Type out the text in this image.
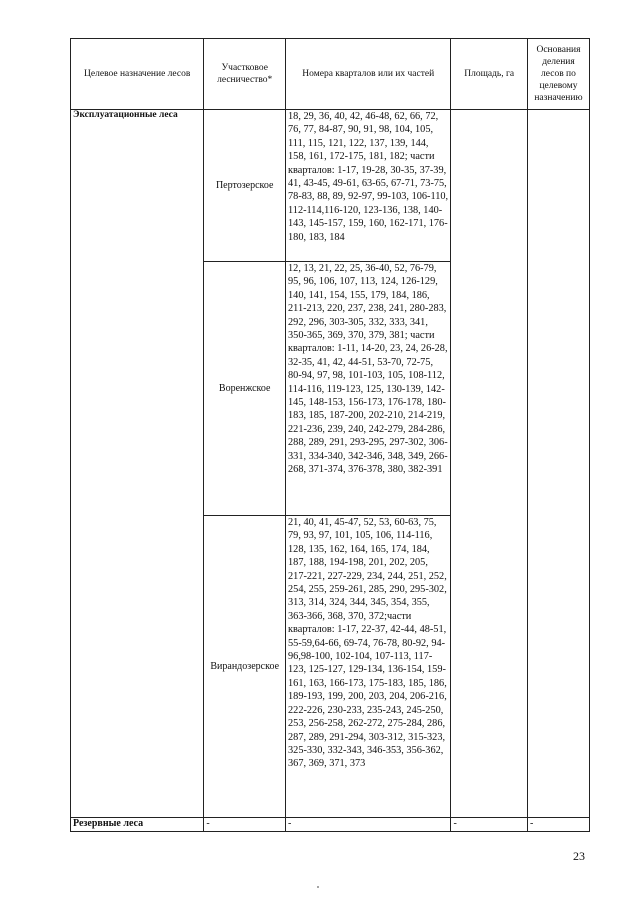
Целевое назначение лесов	Участковое лесничество*	Номера кварталов или их частей	Площадь, га	Основания деления лесов по целевому назначению
Эксплуатационные леса	Пертозерское	18, 29, 36, 40, 42, 46-48, 62, 66, 72, 76, 77, 84-87, 90, 91, 98, 104, 105, 111, 115, 121, 122, 137, 139, 144, 158, 161, 172-175, 181, 182; части кварталов: 1-17, 19-28, 30-35, 37-39, 41, 43-45, 49-61, 63-65, 67-71, 73-75, 78-83, 88, 89, 92-97, 99-103, 106-110, 112-114,116-120, 123-136, 138, 140-143, 145-157, 159, 160, 162-171, 176-180, 183, 184		
	Воренжское	12, 13, 21, 22, 25, 36-40, 52, 76-79, 95, 96, 106, 107, 113, 124, 126-129, 140, 141, 154, 155, 179, 184, 186, 211-213, 220, 237, 238, 241, 280-283, 292, 296, 303-305, 332, 333, 341, 350-365, 369, 370, 379, 381; части кварталов: 1-11, 14-20, 23, 24, 26-28, 32-35, 41, 42, 44-51, 53-70, 72-75, 80-94, 97, 98, 101-103, 105, 108-112, 114-116, 119-123, 125, 130-139, 142-145, 148-153, 156-173, 176-178, 180-183, 185, 187-200, 202-210, 214-219, 221-236, 239, 240, 242-279, 284-286, 288, 289, 291, 293-295, 297-302, 306-331, 334-340, 342-346, 348, 349, 266-268, 371-374, 376-378, 380, 382-391		
	Вирандозерское	21, 40, 41, 45-47, 52, 53, 60-63, 75, 79, 93, 97, 101, 105, 106, 114-116, 128, 135, 162, 164, 165, 174, 184, 187, 188, 194-198, 201, 202, 205, 217-221, 227-229, 234, 244, 251, 252, 254, 255, 259-261, 285, 290, 295-302, 313, 314, 324, 344, 345, 354, 355, 363-366, 368, 370, 372;части кварталов: 1-17, 22-37, 42-44, 48-51, 55-59,64-66, 69-74, 76-78, 80-92, 94-96,98-100, 102-104, 107-113, 117-123, 125-127, 129-134, 136-154, 159-161, 163, 166-173, 175-183, 185, 186, 189-193, 199, 200, 203, 204, 206-216, 222-226, 230-233, 235-243, 245-250, 253, 256-258, 262-272, 275-284, 286, 287, 289, 291-294, 303-312, 315-323, 325-330, 332-343, 346-353, 356-362, 367, 369, 371, 373		
Резервные леса	-	-	-	-
23
